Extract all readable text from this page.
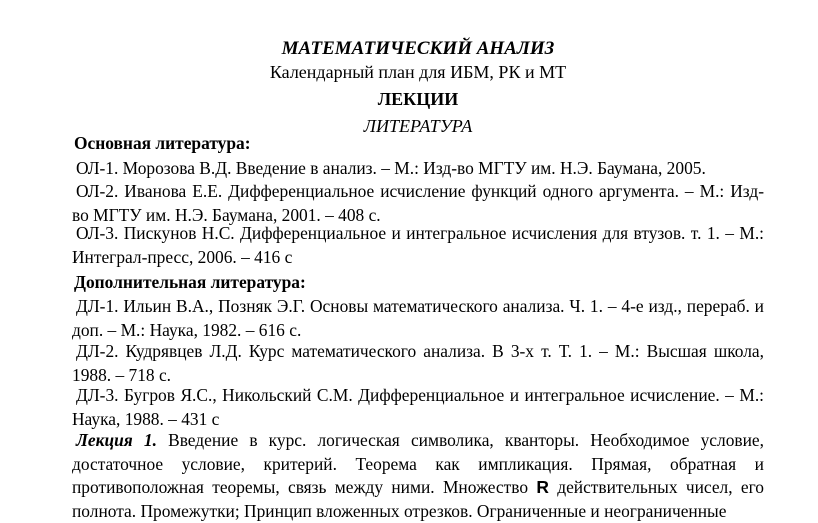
МАТЕМАТИЧЕСКИЙ АНАЛИЗ
Календарный план для ИБМ, РК и МТ
ЛЕКЦИИ
ЛИТЕРАТУРА
Основная литература:
ОЛ-1. Морозова В.Д. Введение в анализ. – М.: Изд-во МГТУ им. Н.Э. Баумана, 2005.
ОЛ-2. Иванова Е.Е. Дифференциальное исчисление функций одного аргумента. – М.: Изд-во МГТУ им. Н.Э. Баумана, 2001. – 408 с.
ОЛ-3. Пискунов Н.С. Дифференциальное и интегральное исчисления для втузов. т. 1. – М.: Интеграл-пресс, 2006. – 416 с
Дополнительная литература:
ДЛ-1. Ильин В.А., Позняк Э.Г. Основы математического анализа. Ч. 1. – 4-е изд., перераб. и доп. – М.: Наука, 1982. – 616 с.
ДЛ-2. Кудрявцев Л.Д. Курс математического анализа. В 3-х т. Т. 1. – М.: Высшая школа, 1988. – 718 с.
ДЛ-3. Бугров Я.С., Никольский С.М. Дифференциальное и интегральное исчисление. – М.: Наука, 1988. – 431 с
Лекция 1. Введение в курс. логическая символика, кванторы. Необходимое условие, достаточное условие, критерий. Теорема как импликация. Прямая, обратная и противоположная теоремы, связь между ними. Множество R действительных чисел, его полнота. Промежутки; Принцип вложенных отрезков. Ограниченные и неограниченные
